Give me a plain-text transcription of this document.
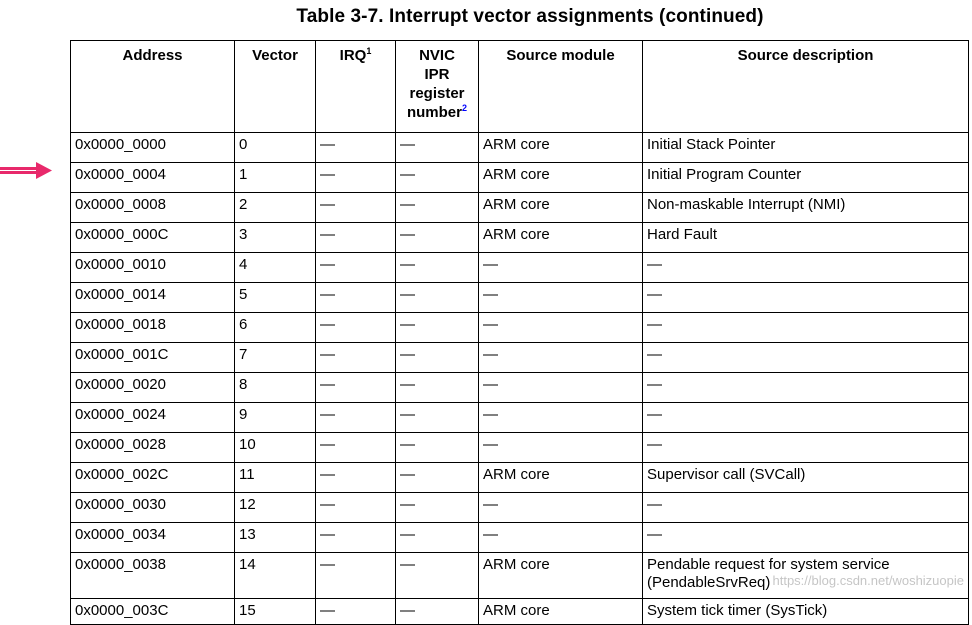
Table 3-7. Interrupt vector assignments (continued)
Address	Vector	IRQ$^1$	NVIC
IPR
register
number$^2$	Source module	Source description
0x0000_0000	0	—	—	ARM core	Initial Stack Pointer
0x0000_0004	1	—	—	ARM core	Initial Program Counter
0x0000_0008	2	—	—	ARM core	Non-maskable Interrupt (NMI)
0x0000_000C	3	—	—	ARM core	Hard Fault
0x0000_0010	4	—	—	—	—
0x0000_0014	5	—	—	—	—
0x0000_0018	6	—	—	—	—
0x0000_001C	7	—	—	—	—
0x0000_0020	8	—	—	—	—
0x0000_0024	9	—	—	—	—
0x0000_0028	10	—	—	—	—
0x0000_002C	11	—	—	ARM core	Supervisor call (SVCall)
0x0000_0030	12	—	—	—	—
0x0000_0034	13	—	—	—	—
0x0000_0038	14	—	—	ARM core	Pendable request for system service (PendableSrvReq)
0x0000_003C	15	—	—	ARM core	System tick timer (SysTick)
https://blog.csdn.net/woshizuopie
